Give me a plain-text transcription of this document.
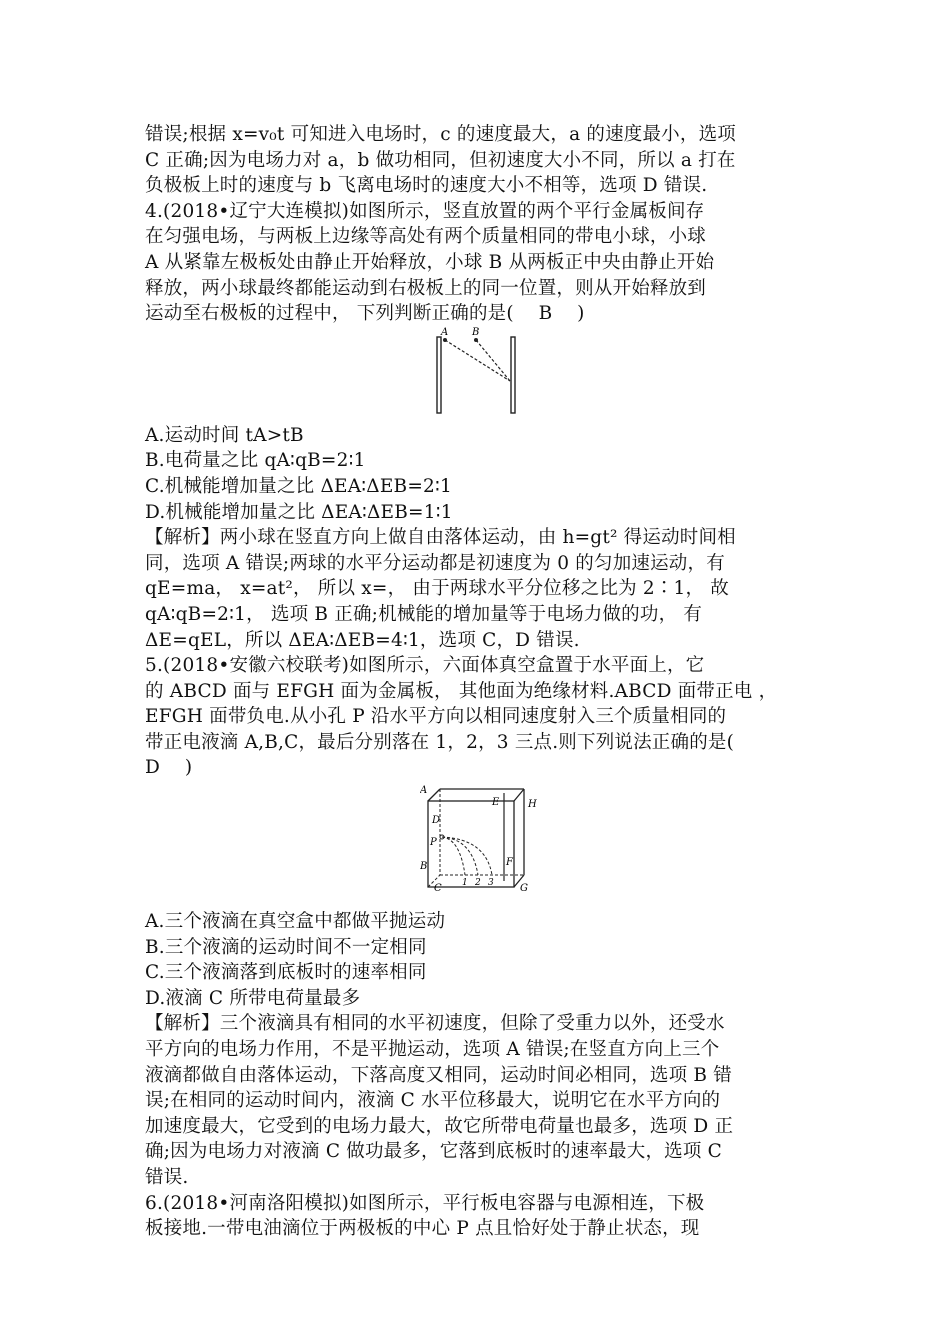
错误;根据 x=v₀t 可知进入电场时，c 的速度最大，a 的速度最小，选项
C 正确;因为电场力对 a，b 做功相同，但初速度大小不同，所以 a 打在
负极板上时的速度与 b 飞离电场时的速度大小不相等，选项 D 错误.
4.(2018•辽宁大连模拟)如图所示，竖直放置的两个平行金属板间存
在匀强电场，与两板上边缘等高处有两个质量相同的带电小球，小球
A 从紧靠左极板处由静止开始释放，小球 B 从两板正中央由静止开始
释放，两小球最终都能运动到右极板上的同一位置，则从开始释放到
运动至右极板的过程中， 下列判断正确的是(　 B　 )
A B
A.运动时间 tA>tB
B.电荷量之比 qA∶qB=2∶1
C.机械能增加量之比 ΔEA∶ΔEB=2∶1
D.机械能增加量之比 ΔEA∶ΔEB=1∶1
【解析】两小球在竖直方向上做自由落体运动，由 h=gt² 得运动时间相
同，选项 A 错误;两球的水平分运动都是初速度为 0 的匀加速运动，有
qE=ma， x=at²， 所以 x=， 由于两球水平分位移之比为 2∶1， 故
qA∶qB=2∶1， 选项 B 正确;机械能的增加量等于电场力做的功， 有
ΔE=qEL，所以 ΔEA∶ΔEB=4∶1，选项 C，D 错误.
5.(2018•安徽六校联考)如图所示，六面体真空盒置于水平面上，它
的 ABCD 面与 EFGH 面为金属板， 其他面为绝缘材料.ABCD 面带正电 ，
EFGH 面带负电.从小孔 P 沿水平方向以相同速度射入三个质量相同的
带正电液滴 A,B,C，最后分别落在 1，2，3 三点.则下列说法正确的是(
D　 )
A
D
P
B
C
E	H
F
G
1 2 3
A.三个液滴在真空盒中都做平抛运动
B.三个液滴的运动时间不一定相同
C.三个液滴落到底板时的速率相同
D.液滴 C 所带电荷量最多
【解析】三个液滴具有相同的水平初速度，但除了受重力以外，还受水
平方向的电场力作用，不是平抛运动，选项 A 错误;在竖直方向上三个
液滴都做自由落体运动，下落高度又相同，运动时间必相同，选项 B 错
误;在相同的运动时间内，液滴 C 水平位移最大，说明它在水平方向的
加速度最大，它受到的电场力最大，故它所带电荷量也最多，选项 D 正
确;因为电场力对液滴 C 做功最多，它落到底板时的速率最大，选项 C
错误.
6.(2018•河南洛阳模拟)如图所示，平行板电容器与电源相连，下极
板接地.一带电油滴位于两极板的中心 P 点且恰好处于静止状态，现
